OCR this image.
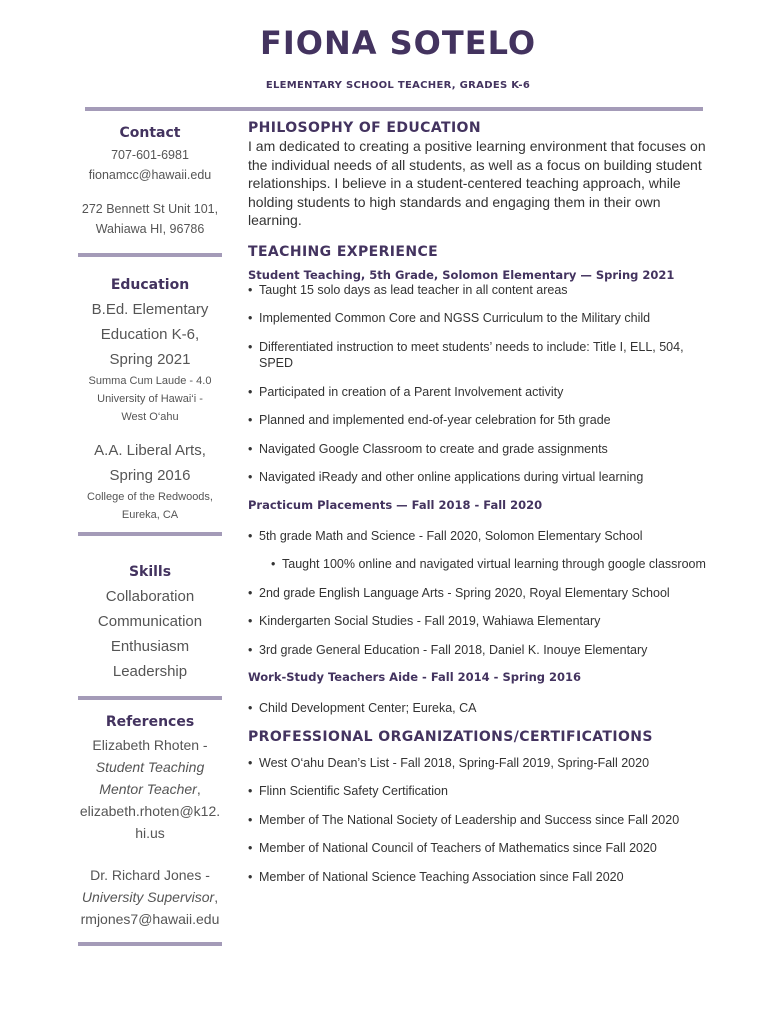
FIONA SOTELO
ELEMENTARY SCHOOL TEACHER, GRADES K-6
Contact
707-601-6981
fionamcc@hawaii.edu
272 Bennett St Unit 101,
Wahiawa HI, 96786
Education
B.Ed. Elementary
Education K-6,
Spring 2021
Summa Cum Laude - 4.0
University of Hawai‘i -
West O‘ahu
A.A. Liberal Arts,
Spring 2016
College of the Redwoods,
Eureka, CA
Skills
Collaboration
Communication
Enthusiasm
Leadership
References
Elizabeth Rhoten -
Student Teaching
Mentor Teacher,
elizabeth.rhoten@k12.
hi.us
Dr. Richard Jones -
University Supervisor,
rmjones7@hawaii.edu
PHILOSOPHY OF EDUCATION
I am dedicated to creating a positive learning environment that focuses on the individual needs of all students, as well as a focus on building student relationships. I believe in a student-centered teaching approach, while holding students to high standards and engaging them in their own learning.
TEACHING EXPERIENCE
Student Teaching, 5th Grade, Solomon Elementary — Spring 2021
• Taught 15 solo days as lead teacher in all content areas
• Implemented Common Core and NGSS Curriculum to the Military child
• Differentiated instruction to meet students’ needs to include: Title I, ELL, 504, SPED
• Participated in creation of a Parent Involvement activity
• Planned and implemented end-of-year celebration for 5th grade
• Navigated Google Classroom to create and grade assignments
• Navigated iReady and other online applications during virtual learning
Practicum Placements — Fall 2018 - Fall 2020
• 5th grade Math and Science - Fall 2020, Solomon Elementary School
• Taught 100% online and navigated virtual learning through google classroom
• 2nd grade English Language Arts - Spring 2020, Royal Elementary School
• Kindergarten Social Studies - Fall 2019, Wahiawa Elementary
• 3rd grade General Education - Fall 2018, Daniel K. Inouye Elementary
Work-Study Teachers Aide - Fall 2014 - Spring 2016
• Child Development Center; Eureka, CA
PROFESSIONAL ORGANIZATIONS/CERTIFICATIONS
• West O‘ahu Dean’s List - Fall 2018, Spring-Fall 2019, Spring-Fall 2020
• Flinn Scientific Safety Certification
• Member of The National Society of Leadership and Success since Fall 2020
• Member of National Council of Teachers of Mathematics since Fall 2020
• Member of National Science Teaching Association since Fall 2020
